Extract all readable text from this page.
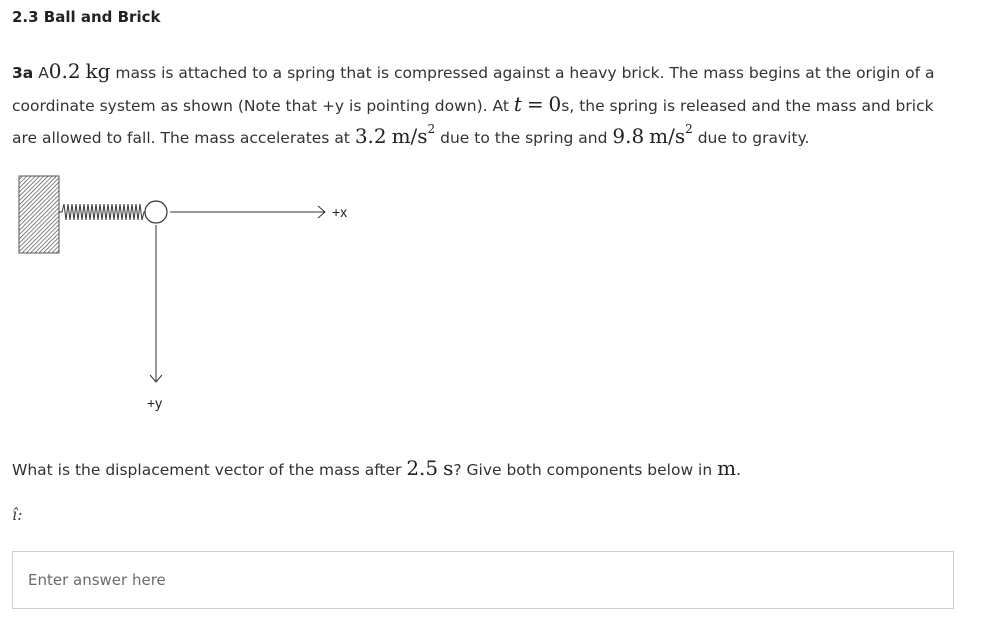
2.3 Ball and Brick
3a A0.2 kg mass is attached to a spring that is compressed against a heavy brick. The mass begins at the origin of a coordinate system as shown (Note that +y is pointing down). At t = 0s, the spring is released and the mass and brick are allowed to fall. The mass accelerates at 3.2 $m/s^2$ due to the spring and 9.8 $m/s^2$ due to gravity.
+x
+y
What is the displacement vector of the mass after 2.5 s? Give both components below in m.
î:
Enter answer here
